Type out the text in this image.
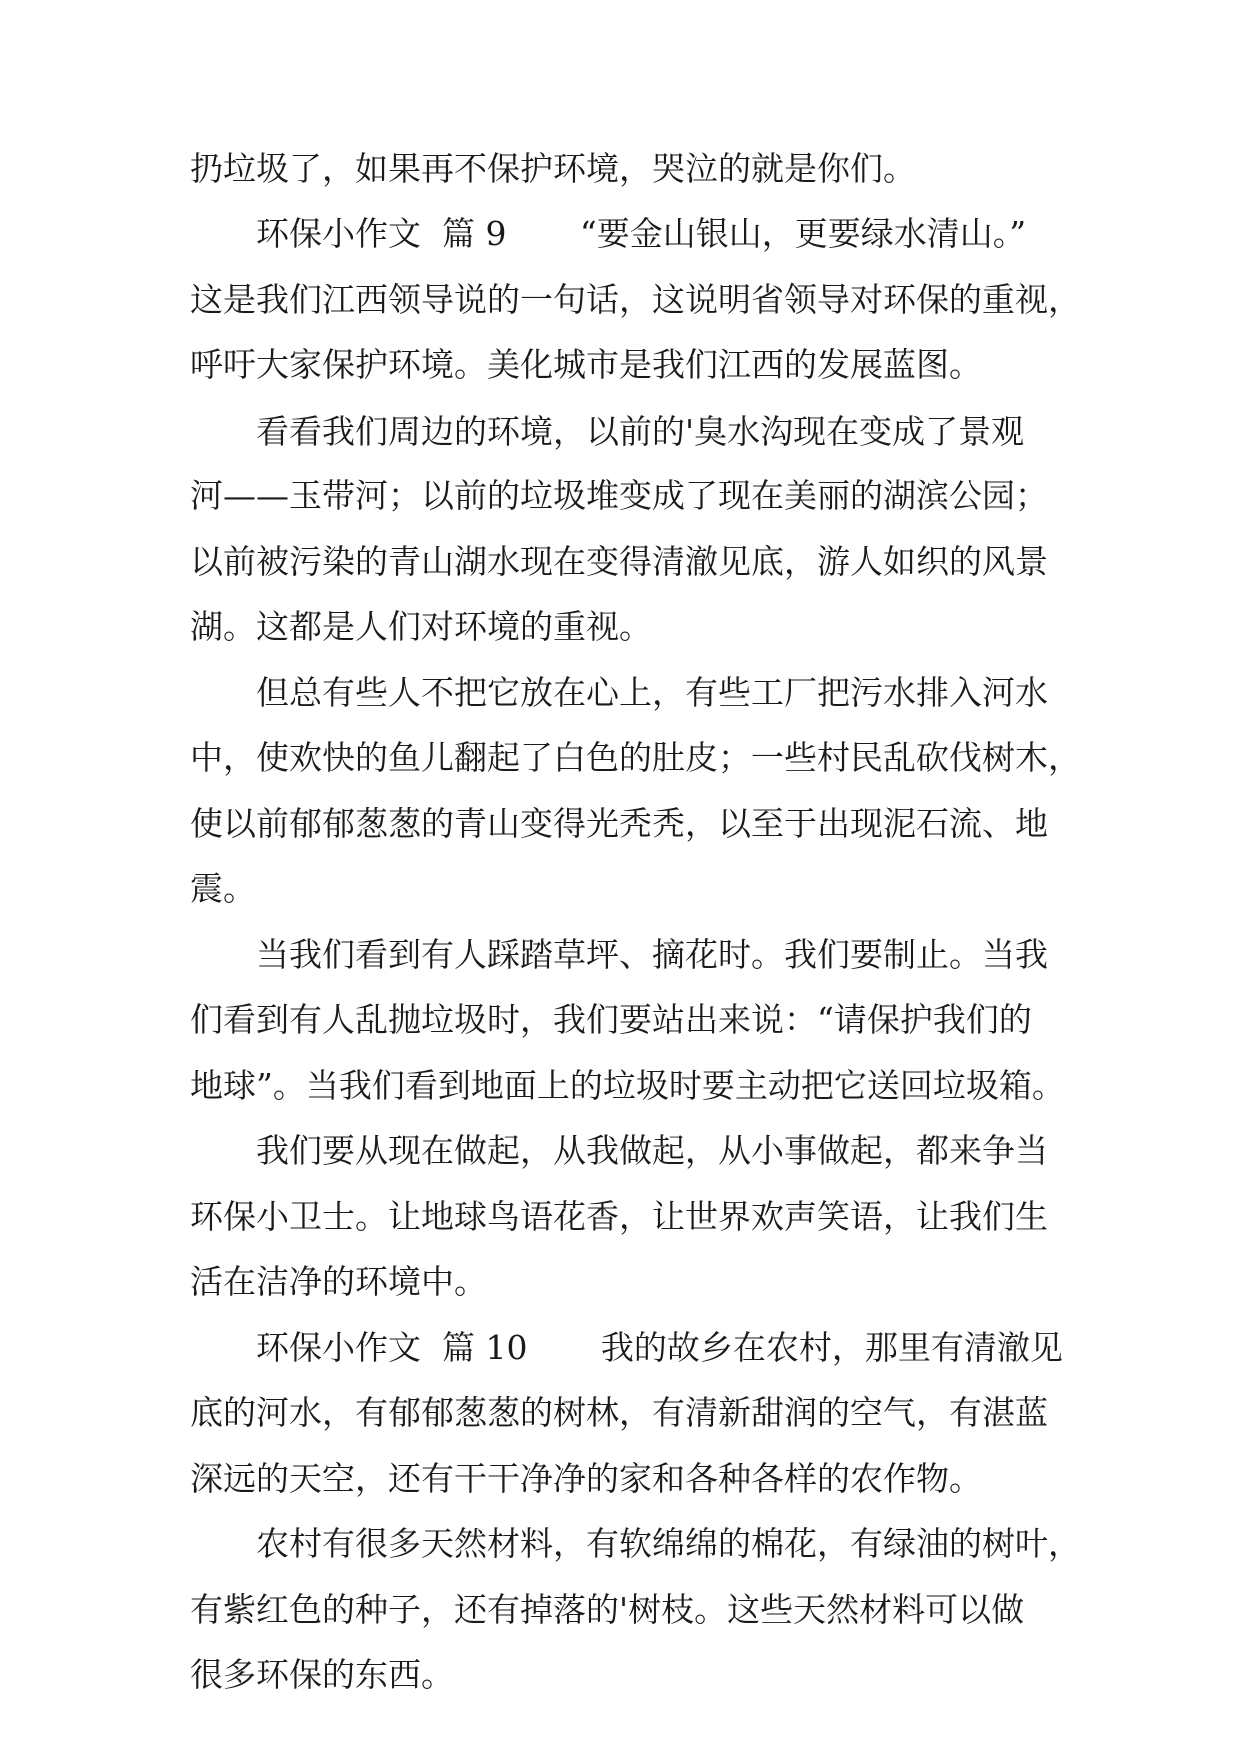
扔垃圾了，如果再不保护环境，哭泣的就是你们。
环保小作文  篇 9       “要金山银山，更要绿水清山。”
这是我们江西领导说的一句话，这说明省领导对环保的重视，
呼吁大家保护环境。美化城市是我们江西的发展蓝图。
看看我们周边的环境，以前的'臭水沟现在变成了景观
河——玉带河；以前的垃圾堆变成了现在美丽的湖滨公园；
以前被污染的青山湖水现在变得清澈见底，游人如织的风景
湖。这都是人们对环境的重视。
但总有些人不把它放在心上，有些工厂把污水排入河水
中，使欢快的鱼儿翻起了白色的肚皮；一些村民乱砍伐树木，
使以前郁郁葱葱的青山变得光秃秃，以至于出现泥石流、地
震。
当我们看到有人踩踏草坪、摘花时。我们要制止。当我
们看到有人乱抛垃圾时，我们要站出来说：“请保护我们的
地球”。当我们看到地面上的垃圾时要主动把它送回垃圾箱。
我们要从现在做起，从我做起，从小事做起，都来争当
环保小卫士。让地球鸟语花香，让世界欢声笑语，让我们生
活在洁净的环境中。
环保小作文  篇 10       我的故乡在农村，那里有清澈见
底的河水，有郁郁葱葱的树林，有清新甜润的空气，有湛蓝
深远的天空，还有干干净净的家和各种各样的农作物。
农村有很多天然材料，有软绵绵的棉花，有绿油的树叶，
有紫红色的种子，还有掉落的'树枝。这些天然材料可以做
很多环保的东西。
